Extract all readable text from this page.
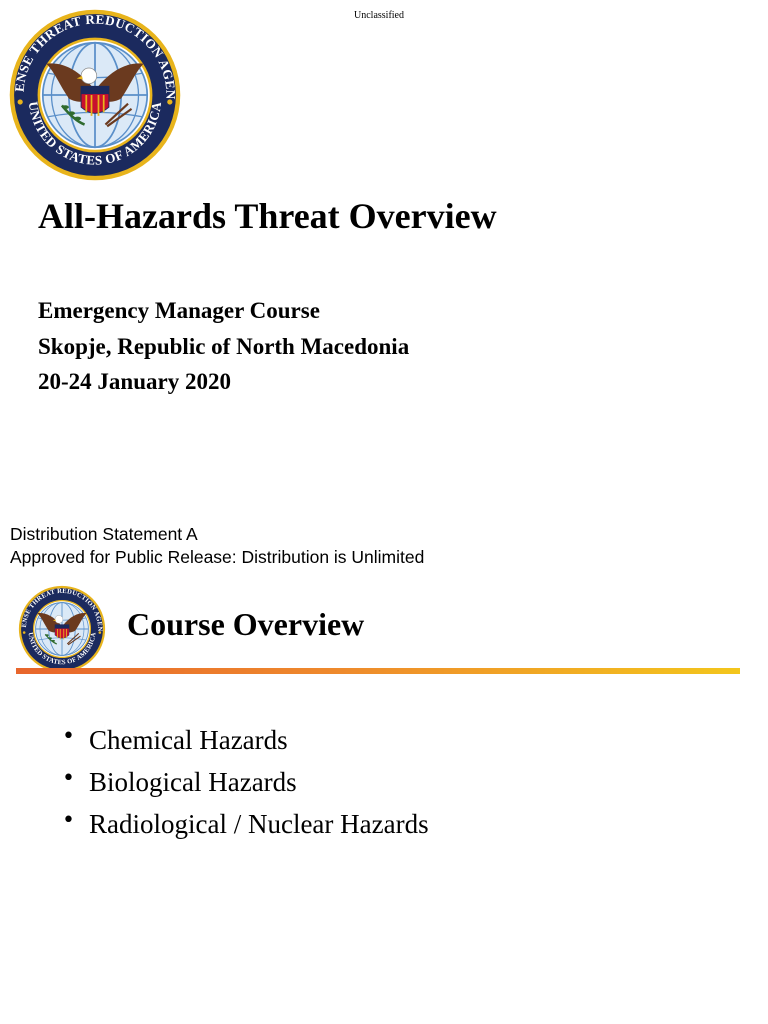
Unclassified
All-Hazards Threat Overview
Emergency Manager Course
Skopje, Republic of North Macedonia
20-24 January 2020
Distribution Statement A
Approved for Public Release: Distribution is Unlimited
Course Overview
• Chemical Hazards
• Biological Hazards
• Radiological / Nuclear Hazards
